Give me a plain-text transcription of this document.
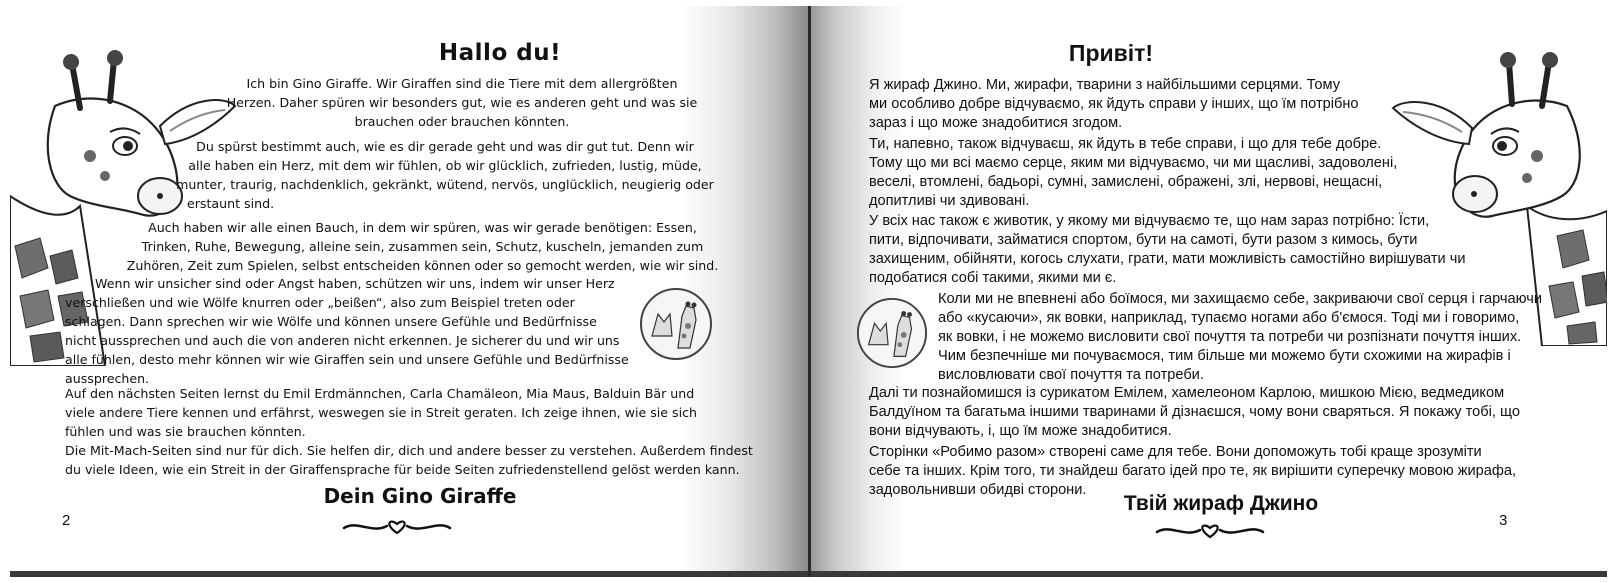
Hallo du!
Ich bin Gino Giraffe. Wir Giraffen sind die Tiere mit dem allergrößten
Herzen. Daher spüren wir besonders gut, wie es anderen geht und was sie
brauchen oder brauchen könnten.
Du spürst bestimmt auch, wie es dir gerade geht und was dir gut tut. Denn wir
alle haben ein Herz, mit dem wir fühlen, ob wir glücklich, zufrieden, lustig, müde,
munter, traurig, nachdenklich, gekränkt, wütend, nervös, unglücklich, neugierig oder
erstaunt sind.
Auch haben wir alle einen Bauch, in dem wir spüren, was wir gerade benötigen: Essen,
Trinken, Ruhe, Bewegung, alleine sein, zusammen sein, Schutz, kuscheln, jemanden zum
Zuhören, Zeit zum Spielen, selbst entscheiden können oder so gemocht werden, wie wir sind.
Wenn wir unsicher sind oder Angst haben, schützen wir uns, indem wir unser Herz
verschließen und wie Wölfe knurren oder „beißen“, also zum Beispiel treten oder
schlagen. Dann sprechen wir wie Wölfe und können unsere Gefühle und Bedürfnisse
nicht aussprechen und auch die von anderen nicht erkennen. Je sicherer du und wir uns
alle fühlen, desto mehr können wir wie Giraffen sein und unsere Gefühle und Bedürfnisse
aussprechen.
Auf den nächsten Seiten lernst du Emil Erdmännchen, Carla Chamäleon, Mia Maus, Balduin Bär und
viele andere Tiere kennen und erfährst, weswegen sie in Streit geraten. Ich zeige ihnen, wie sie sich
fühlen und was sie brauchen könnten.
Die Mit-Mach-Seiten sind nur für dich. Sie helfen dir, dich und andere besser zu verstehen. Außerdem findest
du viele Ideen, wie ein Streit in der Giraffensprache für beide Seiten zufriedenstellend gelöst werden kann.
Dein Gino Giraffe
2
Привіт!
Я жираф Джино. Ми, жирафи, тварини з найбільшими серцями. Тому
ми особливо добре відчуваємо, як йдуть справи у інших, що їм потрібно
зараз і що може знадобитися згодом.
Ти, напевно, також відчуваєш, як йдуть в тебе справи, і що для тебе добре.
Тому що ми всі маємо серце, яким ми відчуваємо, чи ми щасливі, задоволені,
веселі, втомлені, бадьорі, сумні, замислені, ображені, злі, нервові, нещасні,
допитливі чи здивовані.
У всіх нас також є животик, у якому ми відчуваємо те, що нам зараз потрібно: Їсти,
пити, відпочивати, займатися спортом, бути на самоті, бути разом з кимось, бути
захищеним, обійняти, когось слухати, грати, мати можливість самостійно вирішувати чи
подобатися собі такими, якими ми є.
Коли ми не впевнені або боїмося, ми захищаємо себе, закриваючи свої серця і гарчаючи
або «кусаючи», як вовки, наприклад, тупаємо ногами або б'ємося. Тоді ми і говоримо,
як вовки, і не можемо висловити свої почуття та потреби чи розпізнати почуття інших.
Чим безпечніше ми почуваємося, тим більше ми можемо бути схожими на жирафів і
висловлювати свої почуття та потреби.
Далі ти познайомишся із сурикатом Емілем, хамелеоном Карлою, мишкою Мією, ведмедиком
Балдуїном та багатьма іншими тваринами й дізнаєшся, чому вони сваряться. Я покажу тобі, що
вони відчувають, і, що їм може знадобитися.
Сторінки «Робимо разом» створені саме для тебе. Вони допоможуть тобі краще зрозуміти
себе та інших. Крім того, ти знайдеш багато ідей про те, як вирішити суперечку мовою жирафа,
задовольнивши обидві сторони.
Твій жираф Джино
3
